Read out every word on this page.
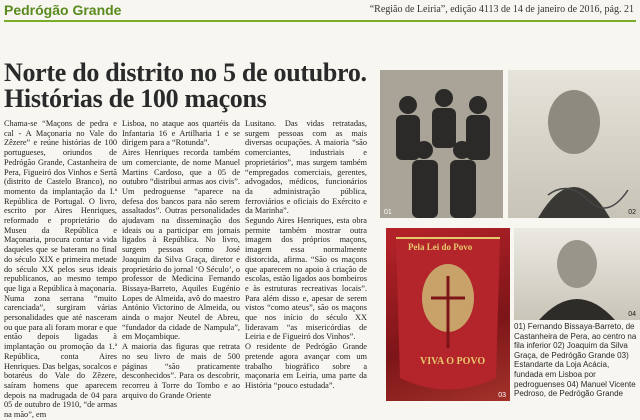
Pedrógão Grande	“Região de Leiria”, edição 4113 de 14 de janeiro de 2016, pág. 21
Norte do distrito no 5 de outubro.
Histórias de 100 maçons
Chama-se “Maçons de pedra e cal - A Maçonaria no Vale do Zêzere” e reúne histórias de 100 portugueses, oriundos de Pedrógão Grande, Castanheira de Pera, Figueiró dos Vinhos e Sertã (distrito de Castelo Branco), no momento da implantação da I.ª República de Portugal. O livro, escrito por Aires Henriques, reformado e proprietário do Museu da República e Maçonaria, procura contar a vida daqueles que se bateram no final do século XIX e primeira metade do século XX pelos seus ideais republicanos, ao mesmo tempo que liga a República à maçonaria.
Numa zona serrana “muito carenciada”, surgiram várias personalidades que até nasceram ou que para ali foram morar e que então depois ligadas à implantação ou promoção da 1.ª República, conta Aires Henriques. Das belgas, socalcos e botaréus do Vale do Zêzere, saíram homens que aparecem depois na madrugada de 04 para 05 de outubro de 1910, “de armas na mão”, em
Lisboa, no ataque aos quartéis da Infantaria 16 e Artilharia 1 e se dirigem para a “Rotunda”.
Aires Henriques recorda também um comerciante, de nome Manuel Martins Cardoso, que a 05 de outubro “distribui armas aos civis”. Um pedroguense “aparece na defesa dos bancos para não serem assaltados”. Outras personalidades ajudavam na disseminação dos ideais ou a participar em jornais ligados à República. No livro, surgem pessoas como José Joaquim da Silva Graça, diretor e proprietário do jornal ‘O Século’, o professor de Medicina Fernando Bissaya-Barreto, Aquiles Eugénio Lopes de Almeida, avô do maestro António Victorino de Almeida, ou ainda o major Neutel de Abreu, “fundador da cidade de Nampula”, em Moçambique.
A maioria das figuras que retrata no seu livro de mais de 500 páginas “são praticamente desconhecidos”. Para os descobrir, recorreu à Torre do Tombo e ao arquivo do Grande Oriente
Lusitano. Das vidas retratadas, surgem pessoas com as mais diversas ocupações. A maioria “são comerciantes, industriais e proprietários”, mas surgem também “empregados comerciais, gerentes, advogados, médicos, funcionários da administração pública, ferroviários e oficiais do Exército e da Marinha”.
Segundo Aires Henriques, esta obra permite também mostrar outra imagem dos próprios maçons, imagem essa normalmente distorcida, afirma. “São os maçons que aparecem no apoio à criação de escolas, estão ligados aos bombeiros e às estruturas recreativas locais”. Para além disso e, apesar de serem vistos “como ateus”, são os maçons que nos início do século XX lideravam “as misericórdias de Leiria e de Figueiró dos Vinhos”.
O residente de Pedrógão Grande pretende agora avançar com um trabalho biográfico sobre a maçonaria em Leiria, uma parte da História “pouco estudada”.
01	02
Pela Lei do Povo
VIVA O POVO
03
04
01) Fernando Bissaya-Barreto, de Castanheira de Pera, ao centro na fila inferior 02) Joaquim da Silva Graça, de Pedrógão Grande 03) Estandarte da Loja Acácia, fundada em Lisboa por pedroguenses 04) Manuel Vicente Pedroso, de Pedrógão Grande
